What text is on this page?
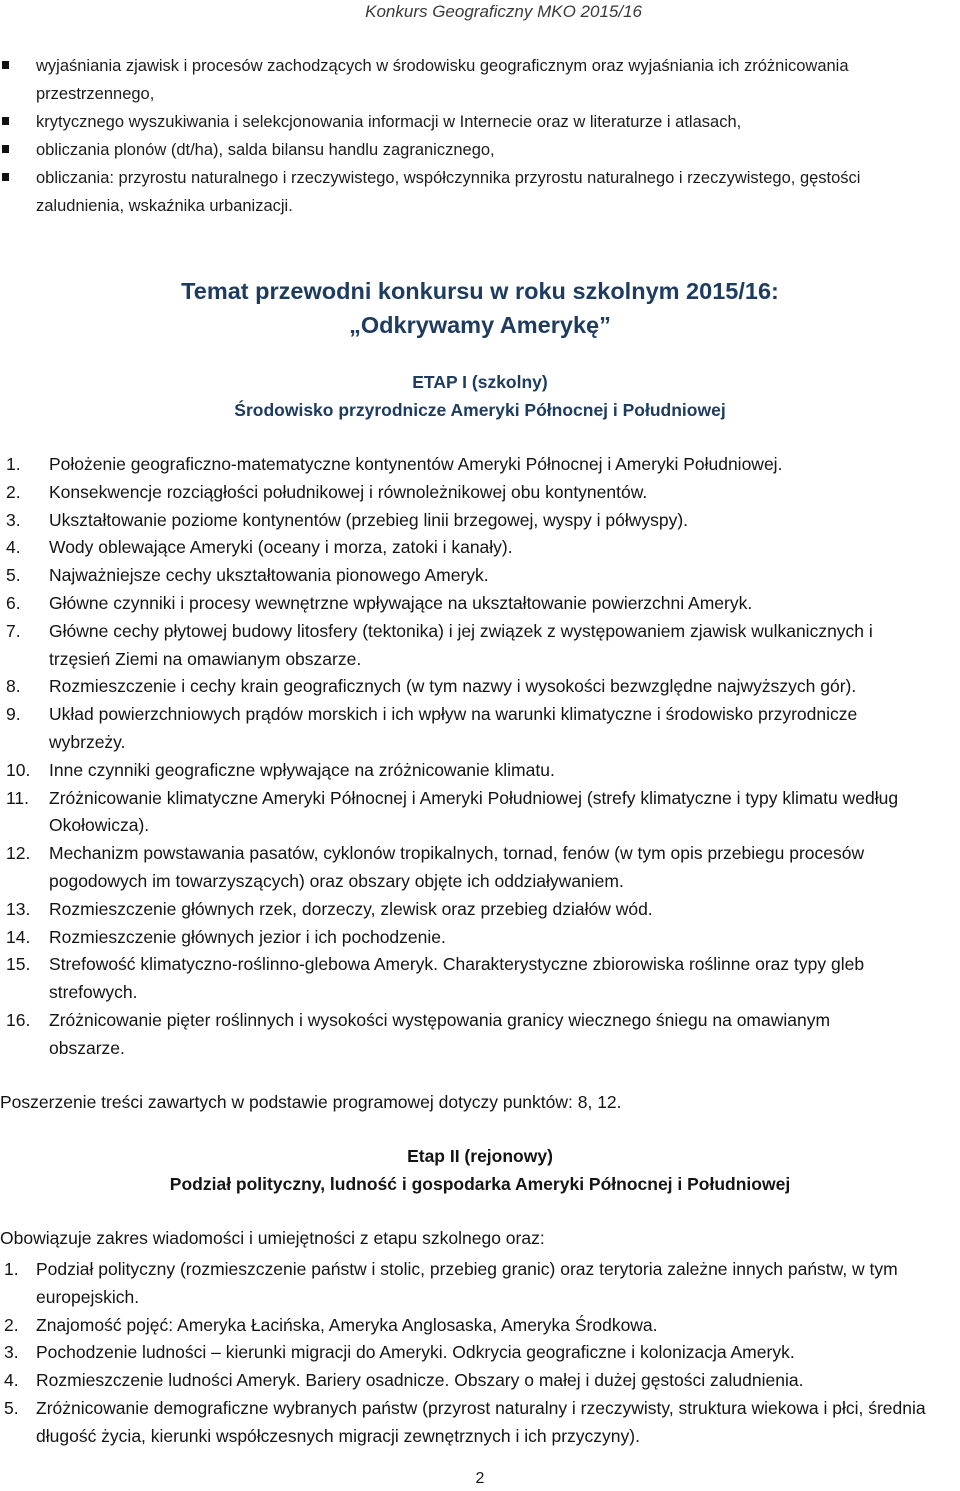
Konkurs Geograficzny MKO 2015/16
wyjaśniania zjawisk i procesów zachodzących w środowisku geograficznym oraz wyjaśniania ich zróżnicowania przestrzennego,
krytycznego wyszukiwania i selekcjonowania informacji w Internecie oraz w literaturze i atlasach,
obliczania plonów (dt/ha), salda bilansu handlu zagranicznego,
obliczania: przyrostu naturalnego i rzeczywistego, współczynnika przyrostu naturalnego i rzeczywistego, gęstości zaludnienia, wskaźnika urbanizacji.
Temat przewodni konkursu w roku szkolnym 2015/16:
„Odkrywamy Amerykę”
ETAP I (szkolny)
Środowisko przyrodnicze Ameryki Północnej i Południowej
1.	Położenie geograficzno-matematyczne kontynentów Ameryki Północnej i Ameryki Południowej.
2.	Konsekwencje rozciągłości południkowej i równoleżnikowej obu kontynentów.
3.	Ukształtowanie poziome kontynentów (przebieg linii brzegowej, wyspy i półwyspy).
4.	Wody oblewające Ameryki (oceany i morza, zatoki i kanały).
5.	Najważniejsze cechy ukształtowania pionowego Ameryk.
6.	Główne czynniki i procesy wewnętrzne wpływające na ukształtowanie powierzchni Ameryk.
7.	Główne cechy płytowej budowy litosfery (tektonika) i jej związek z występowaniem zjawisk wulkanicznych i trzęsień Ziemi na omawianym obszarze.
8.	Rozmieszczenie i cechy krain geograficznych (w tym nazwy i wysokości bezwzględne najwyższych gór).
9.	Układ powierzchniowych prądów morskich i ich wpływ na warunki klimatyczne i środowisko przyrodnicze wybrzeży.
10.	Inne czynniki geograficzne wpływające na zróżnicowanie klimatu.
11.	Zróżnicowanie klimatyczne Ameryki Północnej i Ameryki Południowej (strefy klimatyczne i typy klimatu według Okołowicza).
12.	Mechanizm powstawania pasatów, cyklonów tropikalnych, tornad, fenów (w tym opis przebiegu procesów pogodowych im towarzyszących) oraz obszary objęte ich oddziaływaniem.
13.	Rozmieszczenie głównych rzek, dorzeczy, zlewisk oraz przebieg działów wód.
14.	Rozmieszczenie głównych jezior i ich pochodzenie.
15.	Strefowość klimatyczno-roślinno-glebowa Ameryk. Charakterystyczne zbiorowiska roślinne oraz typy gleb strefowych.
16.	Zróżnicowanie pięter roślinnych i wysokości występowania granicy wiecznego śniegu na omawianym obszarze.
Poszerzenie treści zawartych w podstawie programowej dotyczy punktów: 8, 12.
Etap II (rejonowy)
Podział polityczny, ludność i gospodarka Ameryki Północnej i Południowej
Obowiązuje zakres wiadomości i umiejętności z etapu szkolnego oraz:
1. Podział polityczny (rozmieszczenie państw i stolic, przebieg granic) oraz terytoria zależne innych państw, w tym europejskich.
2. Znajomość pojęć: Ameryka Łacińska, Ameryka Anglosaska, Ameryka Środkowa.
3. Pochodzenie ludności – kierunki migracji do Ameryki. Odkrycia geograficzne i kolonizacja Ameryk.
4. Rozmieszczenie ludności Ameryk. Bariery osadnicze. Obszary o małej i dużej gęstości zaludnienia.
5. Zróżnicowanie demograficzne wybranych państw (przyrost naturalny i rzeczywisty, struktura wiekowa i płci, średnia długość życia, kierunki współczesnych migracji zewnętrznych i ich przyczyny).
2
